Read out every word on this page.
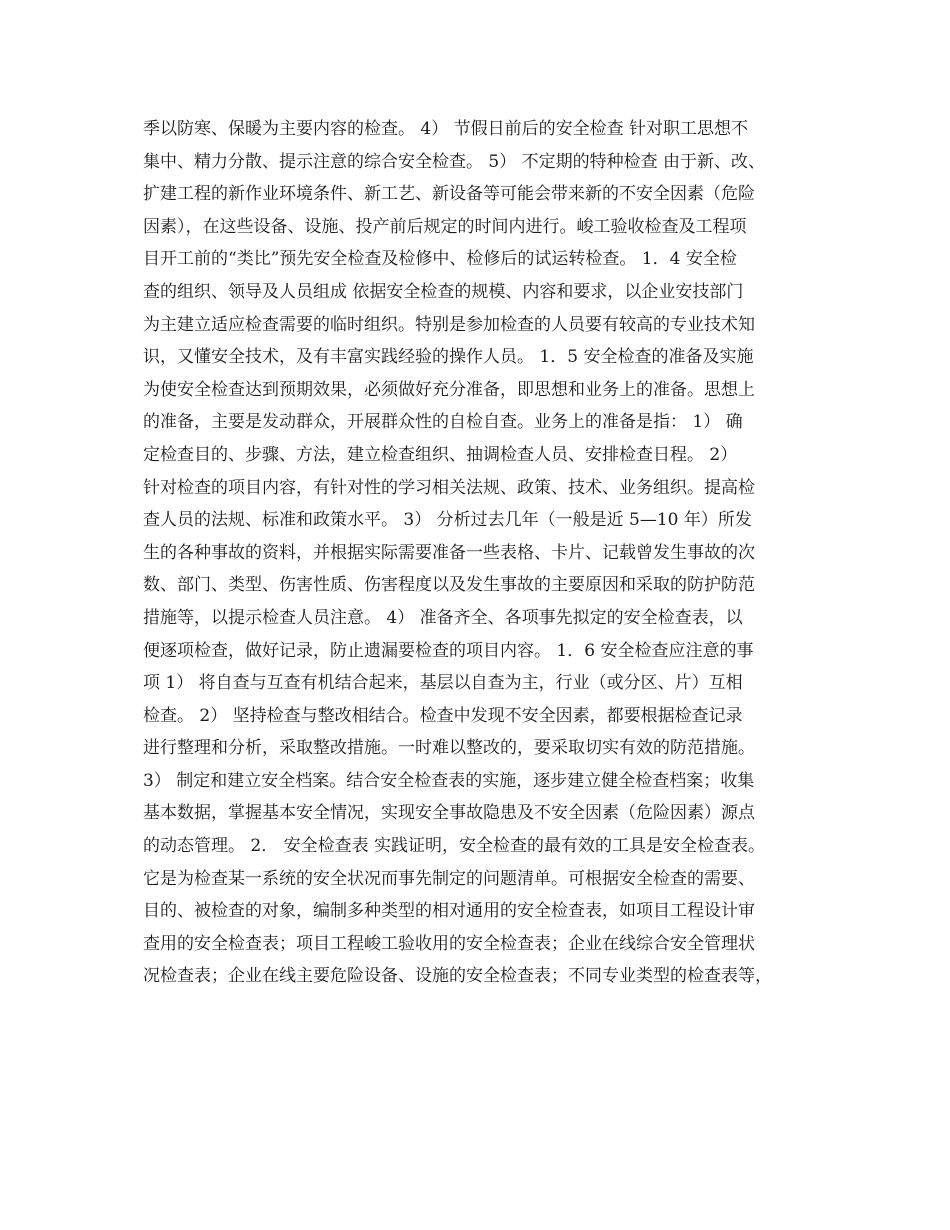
季以防寒、保暖为主要内容的检查。 4） 节假日前后的安全检查 针对职工思想不
集中、精力分散、提示注意的综合安全检查。 5） 不定期的特种检查 由于新、改、
扩建工程的新作业环境条件、新工艺、新设备等可能会带来新的不安全因素（危险
因素），在这些设备、设施、投产前后规定的时间内进行。峻工验收检查及工程项
目开工前的“类比”预先安全检查及检修中、检修后的试运转检查。 1．4 安全检
查的组织、领导及人员组成 依据安全检查的规模、内容和要求，以企业安技部门
为主建立适应检查需要的临时组织。特别是参加检查的人员要有较高的专业技术知
识，又懂安全技术，及有丰富实践经验的操作人员。 1．5 安全检查的准备及实施
为使安全检查达到预期效果，必须做好充分准备，即思想和业务上的准备。思想上
的准备，主要是发动群众，开展群众性的自检自查。业务上的准备是指： 1） 确
定检查目的、步骤、方法，建立检查组织、抽调检查人员、安排检查日程。 2）
针对检查的项目内容，有针对性的学习相关法规、政策、技术、业务组织。提高检
查人员的法规、标准和政策水平。 3） 分析过去几年（一般是近 5—10 年）所发
生的各种事故的资料，并根据实际需要准备一些表格、卡片、记载曾发生事故的次
数、部门、类型、伤害性质、伤害程度以及发生事故的主要原因和采取的防护防范
措施等，以提示检查人员注意。 4） 准备齐全、各项事先拟定的安全检查表，以
便逐项检查，做好记录，防止遗漏要检查的项目内容。 1．6 安全检查应注意的事
项 1） 将自查与互查有机结合起来，基层以自查为主，行业（或分区、片）互相
检查。 2） 坚持检查与整改相结合。检查中发现不安全因素，都要根据检查记录
进行整理和分析，采取整改措施。一时难以整改的，要采取切实有效的防范措施。
3） 制定和建立安全档案。结合安全检查表的实施，逐步建立健全检查档案；收集
基本数据，掌握基本安全情况，实现安全事故隐患及不安全因素（危险因素）源点
的动态管理。 2． 安全检查表 实践证明，安全检查的最有效的工具是安全检查表。
它是为检查某一系统的安全状况而事先制定的问题清单。可根据安全检查的需要、
目的、被检查的对象，编制多种类型的相对通用的安全检查表，如项目工程设计审
查用的安全检查表；项目工程峻工验收用的安全检查表；企业在线综合安全管理状
况检查表；企业在线主要危险设备、设施的安全检查表；不同专业类型的检查表等，
